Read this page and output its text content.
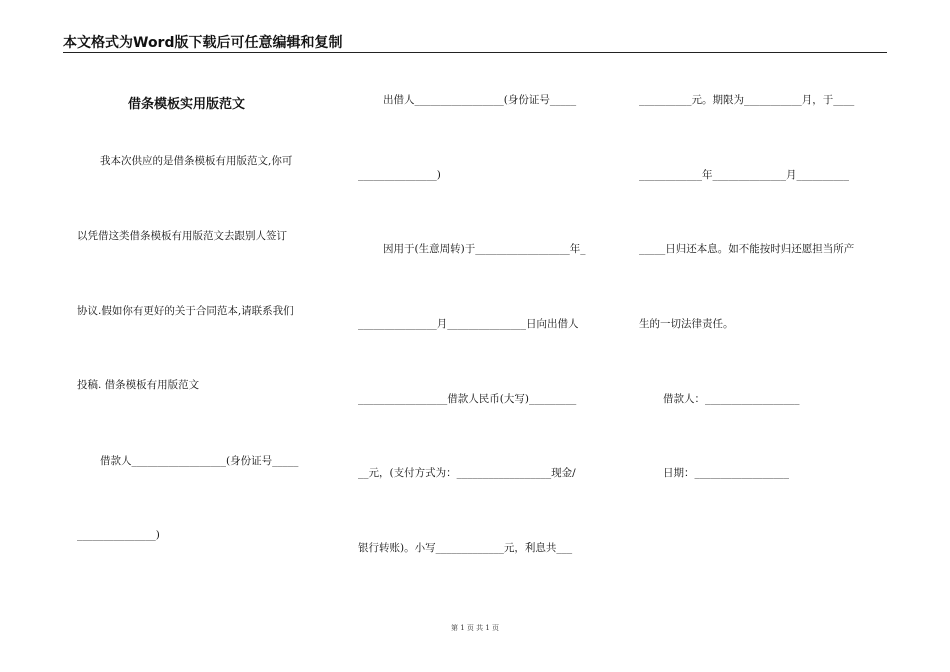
本文格式为Word版下载后可任意编辑和复制
借条模板实用版范文
我本次供应的是借条模板有用版范文,你可
以凭借这类借条模板有用版范文去跟别人签订
协议.假如你有更好的关于合同范本,请联系我们
投稿. 借条模板有用版范文
借款人__________________(身份证号_____
_______________)
出借人_________________(身份证号_____
_______________)
因用于(生意周转)于__________________年_
_______________月_______________日向出借人
_________________借款人民币(大写)_________
__元，(支付方式为：__________________现金/
银行转账)。小写_____________元，利息共___
__________元。期限为___________月，于____
____________年______________月__________
_____日归还本息。如不能按时归还愿担当所产
生的一切法律责任。
借款人：__________________
日期：__________________
第 1 页 共 1 页
